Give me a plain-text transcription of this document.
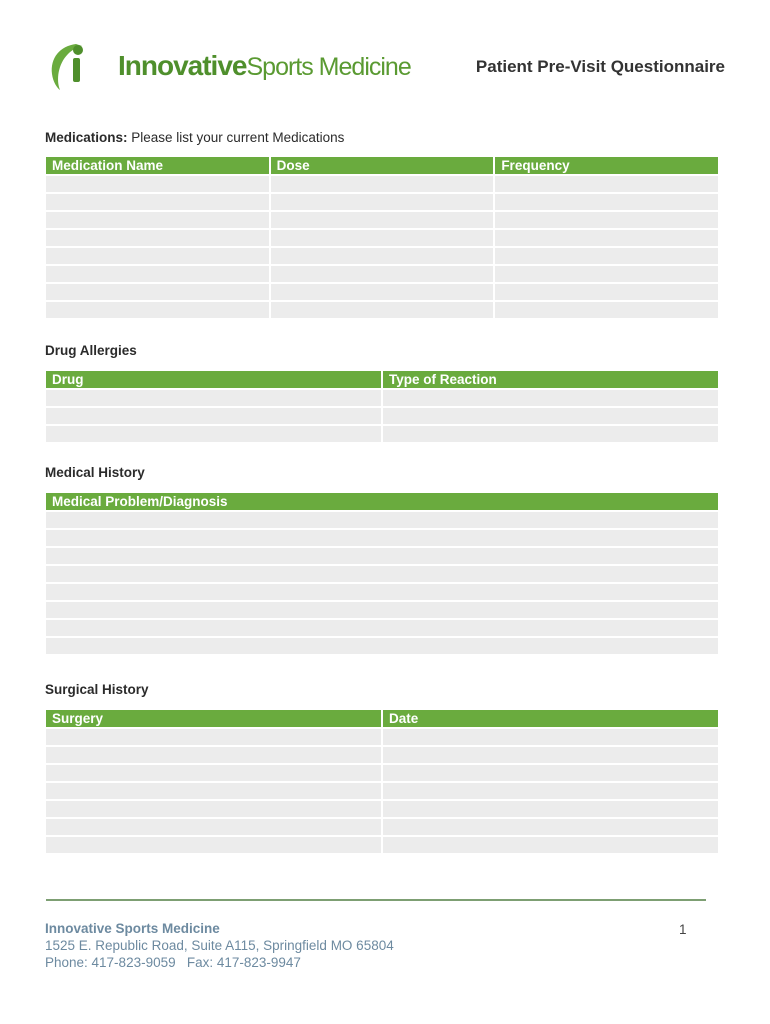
InnovativeSports Medicine	Patient Pre-Visit Questionnaire
Medications: Please list your current Medications
Medication Name	Dose	Frequency

Drug Allergies
Drug	Type of Reaction

Medical History
Medical Problem/Diagnosis

Surgical History
Surgery	Date

Innovative Sports Medicine
1525 E. Republic Road, Suite A115, Springfield MO 65804
Phone: 417-823-9059   Fax: 417-823-9947
1
